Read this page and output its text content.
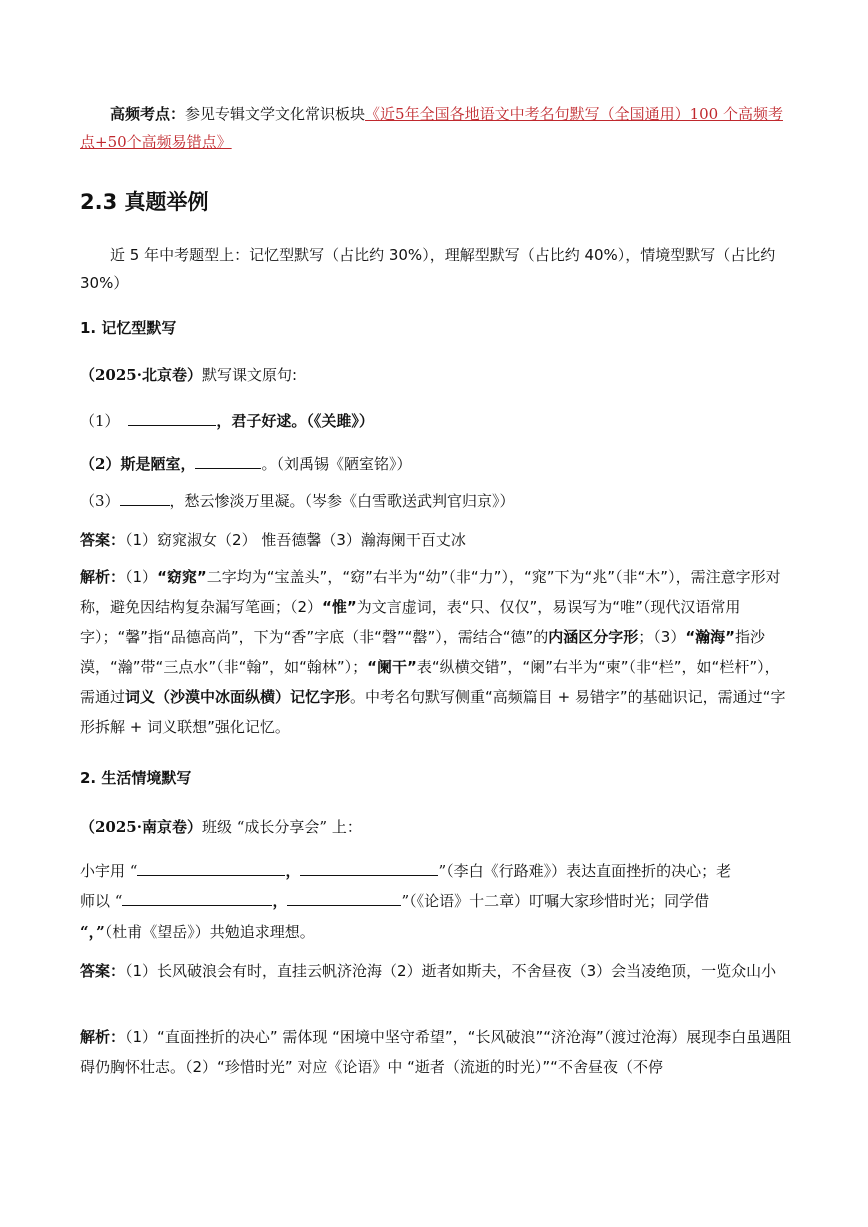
高频考点：参见专辑文学文化常识板块《近5年全国各地语文中考名句默写（全国通用）100 个高频考点+50个高频易错点》
2.3 真题举例
近 5 年中考题型上：记忆型默写（占比约 30%），理解型默写（占比约 40%），情境型默写（占比约 30%）
1. 记忆型默写
（2025·北京卷）默写课文原句:
（1）	，君子好逑。（《关雎》）
（2）斯是陋室，	。（刘禹锡《陋室铭》）
（3）	，愁云惨淡万里凝。（岑参《白雪歌送武判官归京》）
答案：（1）窈窕淑女（2） 惟吾德馨（3）瀚海阑干百丈冰
解析：（1）“窈窕”二字均为“宝盖头”，“窈”右半为“幼”（非“力”），“窕”下为“兆”（非“木”），需注意字形对称，避免因结构复杂漏写笔画；（2）“惟”为文言虚词，表“只、仅仅”，易误写为“唯”（现代汉语常用字）；“馨”指“品德高尚”，下为“香”字底（非“磬”“罄”），需结合“德”的内涵区分字形；（3）“瀚海”指沙漠，“瀚”带“三点水”（非“翰”，如“翰林”）；“阑干”表“纵横交错”，“阑”右半为“柬”（非“栏”，如“栏杆”），需通过词义（沙漠中冰面纵横）记忆字形。中考名句默写侧重“高频篇目 + 易错字”的基础识记，需通过“字形拆解 + 词义联想”强化记忆。
2. 生活情境默写
（2025·南京卷）班级 “成长分享会” 上：
小宇用 “	，	”（李白《行路难》）表达直面挫折的决心；老
师以 “	，	”（《论语》十二章）叮嘱大家珍惜时光；同学借
“，”（杜甫《望岳》）共勉追求理想。
答案：（1）长风破浪会有时，直挂云帆济沧海（2）逝者如斯夫，不舍昼夜（3）会当凌绝顶，一览众山小
解析：（1）“直面挫折的决心” 需体现 “困境中坚守希望”，“长风破浪”“济沧海”（渡过沧海）展现李白虽遇阻碍仍胸怀壮志。（2）“珍惜时光” 对应《论语》中 “逝者（流逝的时光）”“不舍昼夜（不停
